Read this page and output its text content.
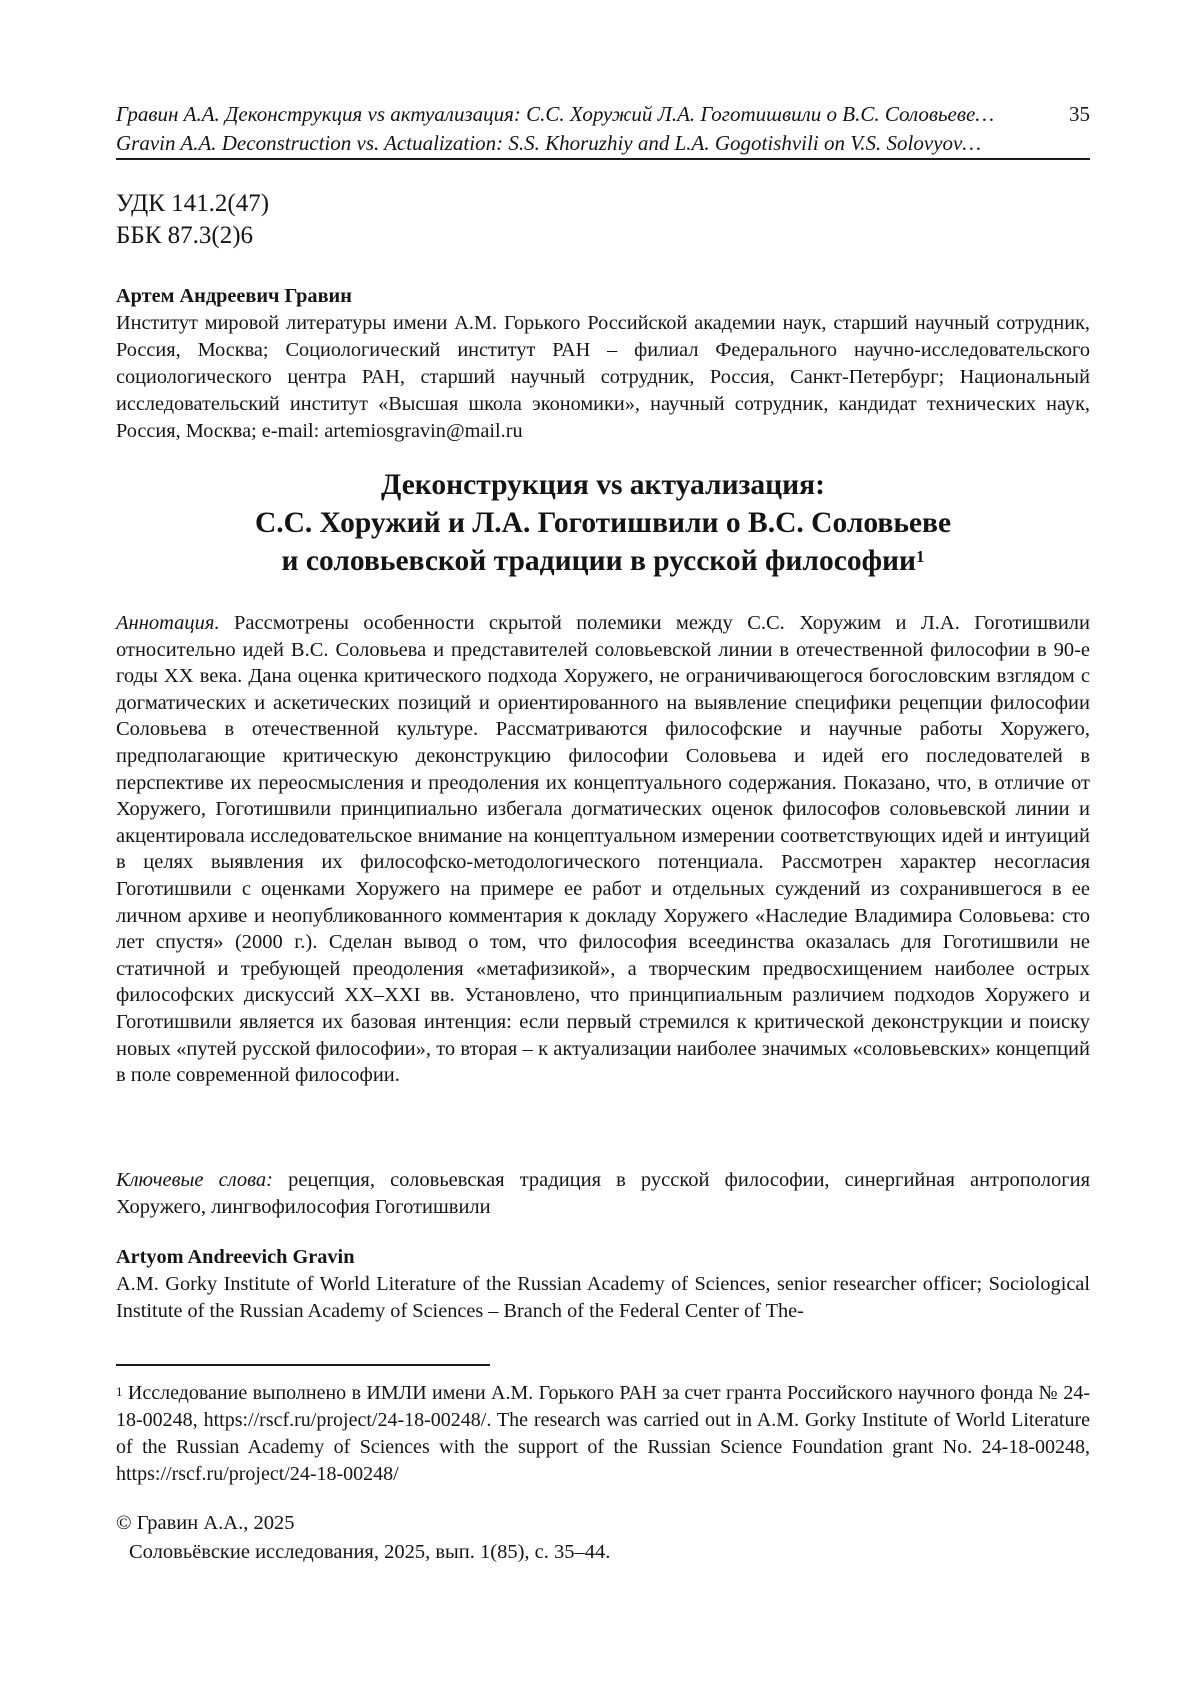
Гравин А.А. Деконструкция vs актуализация: С.С. Хоружий Л.А. Гоготишвили о В.С. Соловьеве…	35
Gravin A.A. Deconstruction vs. Actualization: S.S. Khoruzhiy and L.A. Gogotishvili on V.S. Solovyov…
УДК 141.2(47)
ББК 87.3(2)6
Артем Андреевич Гравин
Институт мировой литературы имени А.М. Горького Российской академии наук, старший научный сотрудник, Россия, Москва; Социологический институт РАН – филиал Федерального научно-исследовательского социологического центра РАН, старший научный сотрудник, Россия, Санкт-Петербург; Национальный исследовательский институт «Высшая школа экономики», научный сотрудник, кандидат технических наук, Россия, Москва; e-mail: artemiosgravin@mail.ru
Деконструкция vs актуализация:
С.С. Хоружий и Л.А. Гоготишвили о В.С. Соловьеве
и соловьевской традиции в русской философии$^1$
Аннотация. Рассмотрены особенности скрытой полемики между С.С. Хоружим и Л.А. Гоготишвили относительно идей В.С. Соловьева и представителей соловьевской линии в отечественной философии в 90-е годы XX века. Дана оценка критического подхода Хоружего, не ограничивающегося богословским взглядом с догматических и аскетических позиций и ориентированного на выявление специфики рецепции философии Соловьева в отечественной культуре. Рассматриваются философские и научные работы Хоружего, предполагающие критическую деконструкцию философии Соловьева и идей его последователей в перспективе их переосмысления и преодоления их концептуального содержания. Показано, что, в отличие от Хоружего, Гоготишвили принципиально избегала догматических оценок философов соловьевской линии и акцентировала исследовательское внимание на концептуальном измерении соответствующих идей и интуиций в целях выявления их философско-методологического потенциала. Рассмотрен характер несогласия Гоготишвили с оценками Хоружего на примере ее работ и отдельных суждений из сохранившегося в ее личном архиве и неопубликованного комментария к докладу Хоружего «Наследие Владимира Соловьева: сто лет спустя» (2000 г.). Сделан вывод о том, что философия всеединства оказалась для Гоготишвили не статичной и требующей преодоления «метафизикой», а творческим предвосхищением наиболее острых философских дискуссий XX–XXI вв. Установлено, что принципиальным различием подходов Хоружего и Гоготишвили является их базовая интенция: если первый стремился к критической деконструкции и поиску новых «путей русской философии», то вторая – к актуализации наиболее значимых «соловьевских» концепций в поле современной философии.
Ключевые слова: рецепция, соловьевская традиция в русской философии, синергийная антропология Хоружего, лингвофилософия Гоготишвили
Artyom Andreevich Gravin
A.M. Gorky Institute of World Literature of the Russian Academy of Sciences, senior researcher officer; Sociological Institute of the Russian Academy of Sciences – Branch of the Federal Center of The-
$^1$ Исследование выполнено в ИМЛИ имени А.М. Горького РАН за счет гранта Российского научного фонда № 24-18-00248, https://rscf.ru/project/24-18-00248/. The research was carried out in A.M. Gorky Institute of World Literature of the Russian Academy of Sciences with the support of the Russian Science Foundation grant No. 24-18-00248, https://rscf.ru/project/24-18-00248/
© Гравин А.А., 2025
Соловьёвские исследования, 2025, вып. 1(85), с. 35–44.
